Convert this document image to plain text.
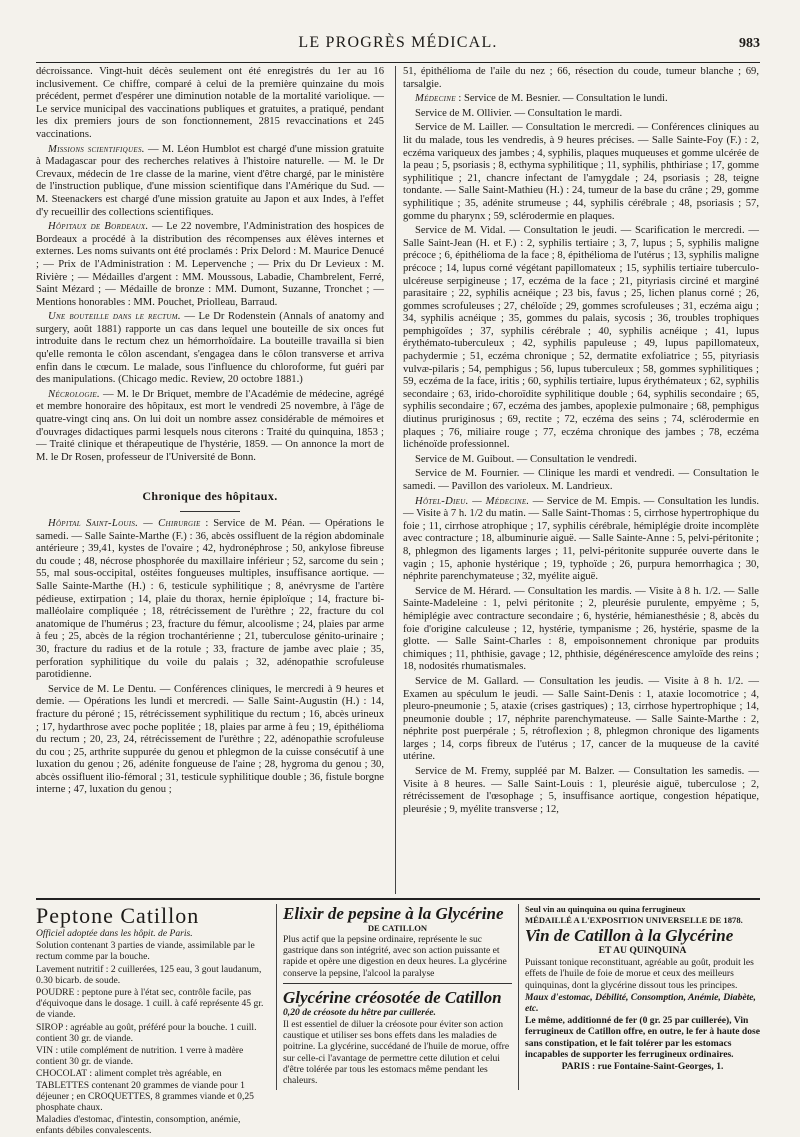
LE PROGRÈS MÉDICAL.	983

décroissance. Vingt-huit décès seulement ont été enregistrés du 1er au 16 inclusivement. Ce chiffre, comparé à celui de la première quinzaine du mois précédent, permet d'espérer une diminution notable de la mortalité variolique. — Le service municipal des vaccinations publiques et gratuites, a pratiqué, pendant les dix premiers jours de son fonctionnement, 2815 revaccinations et 245 vaccinations.

Missions scientifiques. — M. Léon Humblot est chargé d'une mission gratuite à Madagascar pour des recherches relatives à l'histoire naturelle. — M. le Dr Crevaux, médecin de 1re classe de la marine, vient d'être chargé, par le ministère de l'instruction publique, d'une mission scientifique dans l'Amérique du Sud. — M. Steenackers est chargé d'une mission gratuite au Japon et aux Indes, à l'effet d'y recueillir des collections scientifiques.

Hôpitaux de Bordeaux. — Le 22 novembre, l'Administration des hospices de Bordeaux a procédé à la distribution des récompenses aux élèves internes et externes. Les noms suivants ont été proclamés : Prix Delord : M. Maurice Denucé ; — Prix de l'Administration : M. Lepervenche ; — Prix du Dr Levieux : M. Rivière ; — Médailles d'argent : MM. Moussous, Labadie, Chambrelent, Ferré, Saint Mézard ; — Médaille de bronze : MM. Dumont, Suzanne, Tronchet ; — Mentions honorables : MM. Pouchet, Priolleau, Barraud.

Une bouteille dans le rectum. — Le Dr Rodenstein (Annals of anatomy and surgery, août 1881) rapporte un cas dans lequel une bouteille de six onces fut introduite dans le rectum chez un hémorrhoïdaire. La bouteille travailla si bien qu'elle remonta le côlon ascendant, s'engagea dans le côlon transverse et arriva enfin dans le cœcum. Le malade, sous l'influence du chloroforme, fut guéri par des manipulations. (Chicago medic. Review, 20 octobre 1881.)

Nécrologie. — M. le Dr Briquet, membre de l'Académie de médecine, agrégé et membre honoraire des hôpitaux, est mort le vendredi 25 novembre, à l'âge de quatre-vingt cinq ans. On lui doit un nombre assez considérable de mémoires et d'ouvrages didactiques parmi lesquels nous citerons : Traité du quinquina, 1853 ; — Traité clinique et thérapeutique de l'hystérie, 1859. — On annonce la mort de M. le Dr Rosen, professeur de l'Université de Bonn.

Chronique des hôpitaux.

Hôpital Saint-Louis. — Chirurgie : Service de M. Péan. — Opérations le samedi. — Salle Sainte-Marthe (F.) : 36, abcès ossifluent de la région abdominale antérieure ; 39,41, kystes de l'ovaire ; 42, hydronéphrose ; 50, ankylose fibreuse du coude ; 48, nécrose phosphorée du maxillaire inférieur ; 52, sarcome du sein ; 55, mal sous-occipital, ostéites fongueuses multiples, insuffisance aortique. — Salle Sainte-Marthe (H.) : 6, testicule syphilitique ; 8, anévrysme de l'artère pédieuse, extirpation ; 14, plaie du thorax, hernie épiploïque ; 14, fracture bi-malléolaire compliquée ; 18, rétrécissement de l'urèthre ; 22, fracture du col anatomique de l'humérus ; 23, fracture du fémur, alcoolisme ; 24, plaies par arme à feu ; 25, abcès de la région trochantérienne ; 21, tuberculose génito-urinaire ; 30, fracture du radius et de la rotule ; 33, fracture de jambe avec plaie ; 35, perforation syphilitique du voile du palais ; 32, adénopathie scrofuleuse parotidienne.

Service de M. Le Dentu. — Conférences cliniques, le mercredi à 9 heures et demie. — Opérations les lundi et mercredi. — Salle Saint-Augustin (H.) : 14, fracture du péroné ; 15, rétrécissement syphilitique du rectum ; 16, abcès urineux ; 17, hydarthrose avec poche poplitée ; 18, plaies par arme à feu ; 19, épithélioma du rectum ; 20, 23, 24, rétrécissement de l'urèthre ; 22, adénopathie scrofuleuse du cou ; 25, arthrite suppurée du genou et phlegmon de la cuisse consécutif à une luxation du genou ; 26, adénite fongueuse de l'aine ; 28, hygroma du genou ; 30, abcès ossifluent ilio-fémoral ; 31, testicule syphilitique double ; 36, fistule borgne interne ; 47, luxation du genou ;

51, épithélioma de l'aile du nez ; 66, résection du coude, tumeur blanche ; 69, tarsalgie.

Médecine : Service de M. Besnier. — Consultation le lundi.

Service de M. Ollivier. — Consultation le mardi.

Service de M. Lailler. — Consultation le mercredi. — Conférences cliniques au lit du malade, tous les vendredis, à 9 heures précises. — Salle Sainte-Foy (F.) : 2, eczéma variqueux des jambes ; 4, syphilis, plaques muqueuses et gomme ulcérée de la peau ; 5, psoriasis ; 8, ecthyma syphilitique ; 11, syphilis, phthiriase ; 17, gomme syphilitique ; 21, chancre infectant de l'amygdale ; 24, psoriasis ; 28, teigne tondante. — Salle Saint-Mathieu (H.) : 24, tumeur de la base du crâne ; 29, gomme syphilitique ; 35, adénite strumeuse ; 44, syphilis cérébrale ; 48, psoriasis ; 57, gomme du pharynx ; 59, sclérodermie en plaques.

Service de M. Vidal. — Consultation le jeudi. — Scarification le mercredi. — Salle Saint-Jean (H. et F.) : 2, syphilis tertiaire ; 3, 7, lupus ; 5, syphilis maligne précoce ; 6, épithélioma de la face ; 8, épithélioma de l'utérus ; 13, syphilis maligne précoce ; 14, lupus corné végétant papillomateux ; 15, syphilis tertiaire tuberculo-ulcéreuse serpigineuse ; 17, eczéma de la face ; 21, pityriasis circiné et marginé parasitaire ; 22, syphilis acnéique ; 23 bis, favus ; 25, lichen planus corné ; 26, gommes scrofuleuses ; 27, chéloïde ; 29, gommes scrofuleuses ; 31, eczéma aigu ; 34, syphilis acnéique ; 35, gommes du palais, sycosis ; 36, troubles trophiques pemphigoïdes ; 37, syphilis cérébrale ; 40, syphilis acnéique ; 41, lupus érythémato-tuberculeux ; 42, syphilis papuleuse ; 49, lupus papillomateux, pachydermie ; 51, eczéma chronique ; 52, dermatite exfoliatrice ; 55, pityriasis vulvæ-pilaris ; 54, pemphigus ; 56, lupus tuberculeux ; 58, gommes syphilitiques ; 59, eczéma de la face, iritis ; 60, syphilis tertiaire, lupus érythémateux ; 62, syphilis secondaire ; 63, irido-choroïdite syphilitique double ; 64, syphilis secondaire ; 65, syphilis secondaire ; 67, eczéma des jambes, apoplexie pulmonaire ; 68, pemphigus diutinus pruriginosus ; 69, rectite ; 72, eczéma des seins ; 74, sclérodermie en plaques ; 76, miliaire rouge ; 77, eczéma chronique des jambes ; 78, eczéma lichénoïde professionnel.

Service de M. Guibout. — Consultation le vendredi.

Service de M. Fournier. — Clinique les mardi et vendredi. — Consultation le samedi. — Pavillon des varioleux. M. Landrieux.

Hôtel-Dieu. — Médecine. — Service de M. Empis. — Consultation les lundis. — Visite à 7 h. 1/2 du matin. — Salle Saint-Thomas : 5, cirrhose hypertrophique du foie ; 11, cirrhose atrophique ; 17, syphilis cérébrale, hémiplégie droite incomplète avec contracture ; 18, albuminurie aiguë. — Salle Sainte-Anne : 5, pelvi-péritonite ; 8, phlegmon des ligaments larges ; 11, pelvi-péritonite suppurée ouverte dans le vagin ; 15, aphonie hystérique ; 19, typhoïde ; 26, purpura hemorrhagica ; 30, néphrite parenchymateuse ; 32, myélite aiguë.

Service de M. Hérard. — Consultation les mardis. — Visite à 8 h. 1/2. — Salle Sainte-Madeleine : 1, pelvi péritonite ; 2, pleurésie purulente, empyème ; 5, hémiplégie avec contracture secondaire ; 6, hystérie, hémianesthésie ; 8, abcès du foie d'origine calculeuse ; 12, hystérie, tympanisme ; 26, hystérie, spasme de la glotte. — Salle Saint-Charles : 8, empoisonnement chronique par produits chimiques ; 11, phthisie, gavage ; 12, phthisie, dégénérescence amyloïde des reins ; 18, nodosités rhumatismales.

Service de M. Gallard. — Consultation les jeudis. — Visite à 8 h. 1/2. — Examen au spéculum le jeudi. — Salle Saint-Denis : 1, ataxie locomotrice ; 4, pleuro-pneumonie ; 5, ataxie (crises gastriques) ; 13, cirrhose hypertrophique ; 14, pneumonie double ; 17, néphrite parenchymateuse. — Salle Sainte-Marthe : 2, néphrite post puerpérale ; 5, rétroflexion ; 8, phlegmon chronique des ligaments larges ; 14, corps fibreux de l'utérus ; 17, cancer de la muqueuse de la cavité utérine.

Service de M. Fremy, suppléé par M. Balzer. — Consultation les samedis. — Visite à 8 heures. — Salle Saint-Louis : 1, pleurésie aiguë, tuberculose ; 2, rétrécissement de l'œsophage ; 5, insuffisance aortique, congestion hépatique, pleurésie ; 9, myélite transverse ; 12,

Peptone Catillon

Officiel adoptée dans les hôpit. de Paris.

Solution contenant 3 parties de viande, assimilable par le rectum comme par la bouche.

Lavement nutritif : 2 cuillerées, 125 eau, 3 gout laudanum, 0.30 bicarb. de soude.

POUDRE : peptone pure à l'état sec, contrôle facile, pas d'équivoque dans le dosage. 1 cuill. à café représente 45 gr. de viande.

SIROP : agréable au goût, préféré pour la bouche. 1 cuill. contient 30 gr. de viande.

VIN : utile complément de nutrition. 1 verre à madère contient 30 gr. de viande.

CHOCOLAT : aliment complet très agréable, en TABLETTES contenant 20 grammes de viande pour 1 déjeuner ; en CROQUETTES, 8 grammes viande et 0,25 phosphate chaux.

Maladies d'estomac, d'intestin, consomption, anémie, enfants débiles convalescents.

Elixir de pepsine à la Glycérine

DE CATILLON

Plus actif que la pepsine ordinaire, représente le suc gastrique dans son intégrité, avec son action puissante et rapide et opère une digestion en deux heures. La glycérine conserve la pepsine, l'alcool la paralyse

Glycérine créosotée de Catillon

0,20 de créosote du hêtre par cuillerée.

Il est essentiel de diluer la créosote pour éviter son action caustique et utiliser ses bons effets dans les maladies de poitrine. La glycérine, succédané de l'huile de morue, offre sur celle-ci l'avantage de permettre cette dilution et celui d'être tolérée par tous les estomacs même pendant les chaleurs.

Seul vin au quinquina ou quina ferrugineux

MÉDAILLÉ A L'EXPOSITION UNIVERSELLE DE 1878.

Vin de Catillon à la Glycérine

ET AU QUINQUINA

Puissant tonique reconstituant, agréable au goût, produit les effets de l'huile de foie de morue et ceux des meilleurs quinquinas, dont la glycérine dissout tous les principes.

Maux d'estomac, Débilité, Consomption, Anémie, Diabète, etc.

Le même, additionné de fer (0 gr. 25 par cuillerée), Vin ferrugineux de Catillon offre, en outre, le fer à haute dose sans constipation, et le fait tolérer par les estomacs incapables de supporter les ferrugineux ordinaires.

PARIS : rue Fontaine-Saint-Georges, 1.
